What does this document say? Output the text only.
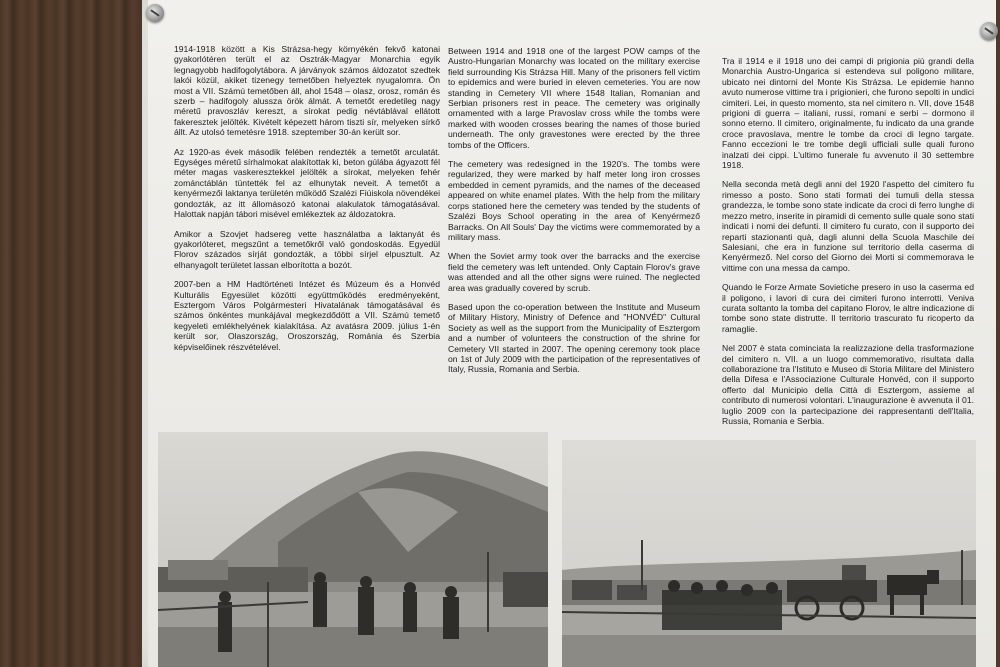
1914-1918 között a Kis Strázsa-hegy környékén fekvő katonai gyakorlótéren terült el az Osztrák-Magyar Monarchia egyik legnagyobb hadifogolytábora. A járványok számos áldozatot szedtek lakói közül, akiket tizenegy temetőben helyeztek nyugalomra. Ön most a VII. Számú temetőben áll, ahol 1548 – olasz, orosz, román és szerb – hadifogoly alussza örök álmát. A temetőt eredetileg nagy méretű pravoszláv kereszt, a sírokat pedig névtáblával ellátott fakeresztek jelölték. Kivételt képezett három tiszti sír, melyeken sírkő állt. Az utolsó temetésre 1918. szeptember 30-án került sor.

Az 1920-as évek második felében rendezték a temetőt arculatát. Egységes méretű sírhalmokat alakítottak ki, beton gúlába ágyazott fél méter magas vaskeresztekkel jelölték a sírokat, melyeken fehér zománctáblán tüntették fel az elhunytak neveit. A temetőt a kenyérmezői laktanya területén működő Szalézi Fiúiskola növendékei gondozták, az itt állomásozó katonai alakulatok támogatásával. Halottak napján tábori misével emlékeztek az áldozatokra.

Amikor a Szovjet hadsereg vette használatba a laktanyát és gyakorlóteret, megszűnt a temetőkről való gondoskodás. Egyedül Florov százados sírját gondozták, a többi sírjel elpusztult. Az elhanyagolt területet lassan elborította a bozót.

2007-ben a HM Hadtörténeti Intézet és Múzeum és a Honvéd Kulturális Egyesület közötti együttműködés eredményeként, Esztergom Város Polgármesteri Hivatalának támogatásával és számos önkéntes munkájával megkezdődött a VII. Számú temető kegyeleti emlékhelyének kialakítása. Az avatásra 2009. július 1-én került sor, Olaszország, Oroszország, Románia és Szerbia képviselőinek részvételével.

Between 1914 and 1918 one of the largest POW camps of the Austro-Hungarian Monarchy was located on the military exercise field surrounding Kis Strázsa Hill. Many of the prisoners fell victim to epidemics and were buried in eleven cemeteries. You are now standing in Cemetery VII where 1548 Italian, Romanian and Serbian prisoners rest in peace. The cemetery was originally ornamented with a large Pravoslav cross while the tombs were marked with wooden crosses bearing the names of those buried underneath. The only gravestones were erected by the three tombs of the Officers.

The cemetery was redesigned in the 1920's. The tombs were regularized, they were marked by half meter long iron crosses embedded in cement pyramids, and the names of the deceased appeared on white enamel plates. With the help from the military corps stationed here the cemetery was tended by the students of Szalézi Boys School operating in the area of Kenyérmező Barracks. On All Souls' Day the victims were commemorated by a military mass.

When the Soviet army took over the barracks and the exercise field the cemetery was left untended. Only Captain Florov's grave was attended and all the other signs were ruined. The neglected area was gradually covered by scrub.

Based upon the co-operation between the Institute and Museum of Military History, Ministry of Defence and "HONVÉD" Cultural Society as well as the support from the Municipality of Esztergom and a number of volunteers the construction of the shrine for Cemetery VII started in 2007. The opening ceremony took place on 1st of July 2009 with the participation of the representatives of Italy, Russia, Romania and Serbia.

Tra il 1914 e il 1918 uno dei campi di prigionia più grandi della Monarchia Austro-Ungarica si estendeva sul poligono militare, ubicato nei dintorni del Monte Kis Strázsa. Le epidemie hanno avuto numerose vittime tra i prigionieri, che furono sepolti in undici cimiteri. Lei, in questo momento, sta nel cimitero n. VII, dove 1548 prigioni di guerra – italiani, russi, romani e serbi – dormono il sonno eterno. Il cimitero, originalmente, fu indicato da una grande croce pravoslava, mentre le tombe da croci di legno targate. Fanno eccezioni le tre tombe degli ufficiali sulle quali furono inalzati dei cippi. L'ultimo funerale fu avvenuto il 30 settembre 1918.

Nella seconda metà degli anni del 1920 l'aspetto del cimitero fu rimesso a posto. Sono stati formati dei tumuli della stessa grandezza, le tombe sono state indicate da croci di ferro lunghe di mezzo metro, inserite in piramidi di cemento sulle quale sono stati indicati i nomi dei defunti. Il cimitero fu curato, con il supporto dei reparti stazionanti quà, dagli alunni della Scuola Maschile dei Salesiani, che era in funzione sul territorio della caserma di Kenyérmező. Nel corso del Giorno dei Morti si commemorava le vittime con una messa da campo.

Quando le Forze Armate Sovietiche presero in uso la caserma ed il poligono, i lavori di cura dei cimiteri furono interrotti. Veniva curata soltanto la tomba del capitano Florov, le altre indicazione di tombe sono state distrutte. Il territorio trascurato fu ricoperto da ramaglie.

Nel 2007 è stata cominciata la realizzazione della trasformazione del cimitero n. VII. a un luogo commemorativo, risultata dalla collaborazione tra l'Istituto e Museo di Storia Militare del Ministero della Difesa e l'Associazione Culturale Honvéd, con il supporto offerto dal Municipio della Città di Esztergom, assieme al contributo di numerosi volontari. L'inaugurazione è avvenuta il 01. luglio 2009 con la partecipazione dei rappresentanti dell'Italia, Russia, Romania e Serbia.
